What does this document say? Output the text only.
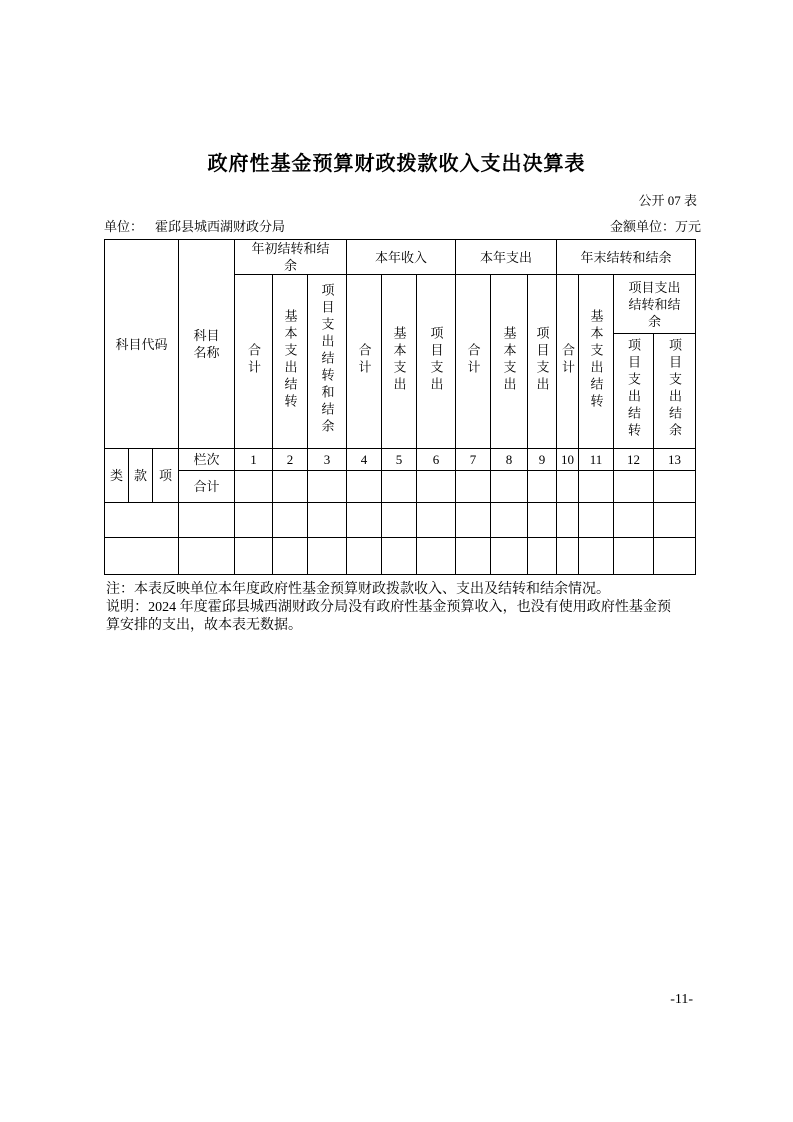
政府性基金预算财政拨款收入支出决算表
公开 07 表
单位： 霍邱县城西湖财政分局	金额单位：万元
科目代码			科目名称	年初结转和结余			本年收入			本年支出			年末结转和结余			
				合计	基本支出结转	项目支出结转和结余	合计	基本支出	项目支出	合计	基本支出	项目支出	合计	基本支出结转	项目支出结转和结余	
															项目支出结转	项目支出结余
类	款	项	栏次	1	2	3	4	5	6	7	8	9	10	11	12	13
			合计													

注：本表反映单位本年度政府性基金预算财政拨款收入、支出及结转和结余情况。

说明：2024 年度霍邱县城西湖财政分局没有政府性基金预算收入，也没有使用政府性基金预算安排的支出，故本表无数据。

-11-
